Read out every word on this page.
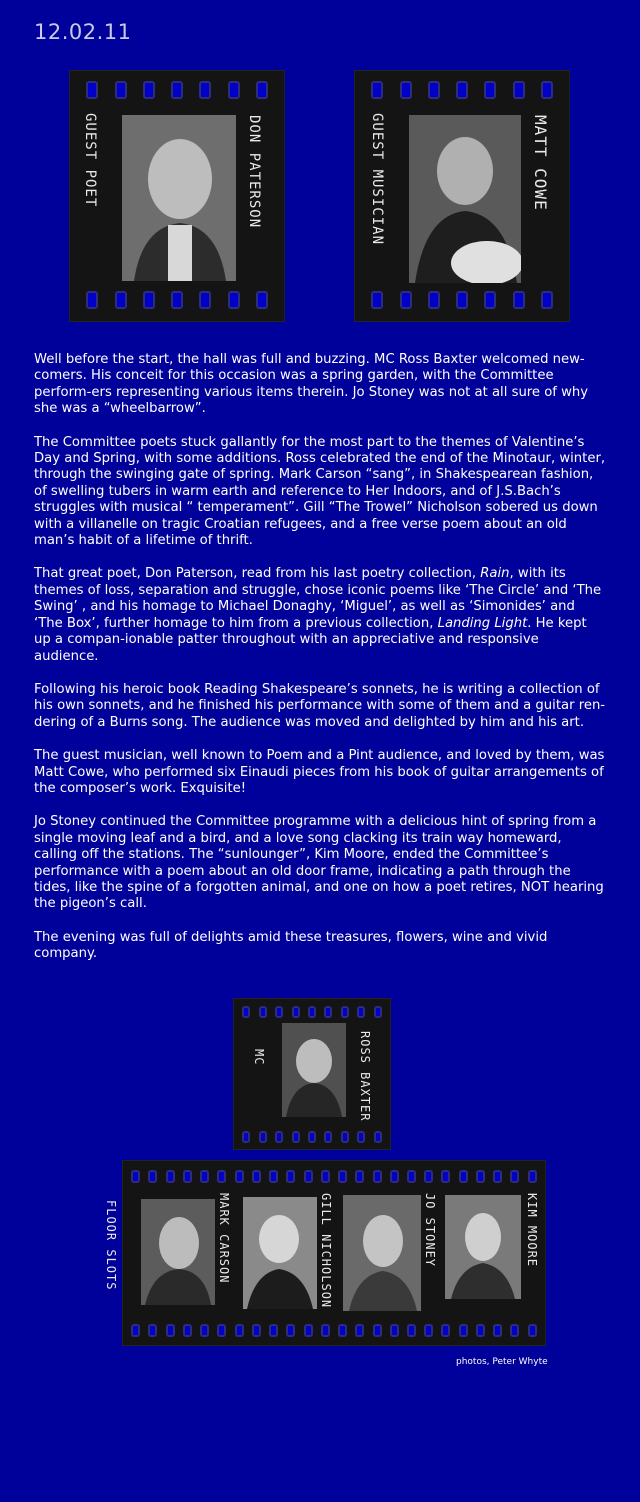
12.02.11
GUEST POET	DON PATERSON	GUEST MUSICIAN	MATT COWE

Well before the start, the hall was full and buzzing. MC Ross Baxter welcomed new-comers. His conceit for this occasion was a spring garden, with the Committee perform-ers representing various items therein. Jo Stoney was not at all sure of why she was a “wheelbarrow”.

The Committee poets stuck gallantly for the most part to the themes of Valentine’s Day and Spring, with some additions. Ross celebrated the end of the Minotaur, winter, through the swinging gate of spring. Mark Carson “sang”, in Shakespearean fashion, of swelling tubers in warm earth and reference to Her Indoors, and of J.S.Bach’s struggles with musical “ temperament”. Gill “The Trowel” Nicholson sobered us down with a villanelle on tragic Croatian refugees, and a free verse poem about an old man’s habit of a lifetime of thrift.

That great poet, Don Paterson, read from his last poetry collection, Rain, with its themes of loss, separation and struggle, chose iconic poems like ‘The Circle’ and ‘The Swing’ , and his homage to Michael Donaghy, ‘Miguel’, as well as ‘Simonides’ and ‘The Box’, further homage to him from a previous collection, Landing Light. He kept up a compan-ionable patter throughout with an appreciative and responsive audience.

Following his heroic book Reading Shakespeare’s sonnets, he is writing a collection of his own sonnets, and he finished his performance with some of them and a guitar ren-dering of a Burns song. The audience was moved and delighted by him and his art.

The guest musician, well known to Poem and a Pint audience, and loved by them, was Matt Cowe, who performed six Einaudi pieces from his book of guitar arrangements of the composer’s work. Exquisite!

Jo Stoney continued the Committee programme with a delicious hint of spring from a single moving leaf and a bird, and a love song clacking its train way homeward, calling off the stations. The “sunlounger”, Kim Moore, ended the Committee’s performance with a poem about an old door frame, indicating a path through the tides, like the spine of a forgotten animal, and one on how a poet retires, NOT hearing the pigeon’s call.

The evening was full of delights amid these treasures, flowers, wine and vivid company.

MC	ROSS BAXTER
MARK CARSON	GILL NICHOLSON	JO STONEY	KIM MOORE
FLOOR SLOTS
photos, Peter Whyte
